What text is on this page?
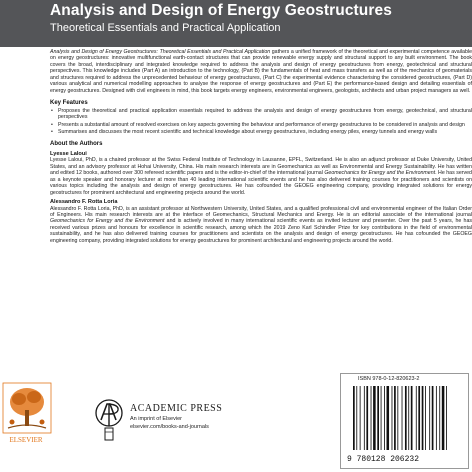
Analysis and Design of Energy Geostructures
Theoretical Essentials and Practical Application

Analysis and Design of Energy Geostructures: Theoretical Essentials and Practical Application gathers a unified framework of the theoretical and experimental competence available on energy geostructures: innovative multifunctional earth-contact structures that can provide renewable energy supply and structural support to any built environment. The book covers the broad, interdisciplinary and integrated knowledge required to address the analysis and design of energy geostructures from energy, geotechnical and structural perspectives. This knowledge includes (Part A) an introduction to the technology, (Part B) the fundamentals of heat and mass transfers as well as of the mechanics of geomaterials and structures required to address the unprecedented behaviour of energy geostructures, (Part C) the experimental evidence characterising the considered geostructures, (Part D) various analytical and numerical modelling approaches to analyse the response of energy geostructures and (Part E) the performance-based design and detailing essentials of energy geostructures. Designed with civil engineers in mind, this book targets energy engineers, environmental engineers, geologists, architects and urban project managers as well.

Key Features
• Proposes the theoretical and practical application essentials required to address the analysis and design of energy geostructures from energy, geotechnical, and structural perspectives
• Presents a substantial amount of resolved exercises on key aspects governing the behaviour and performance of energy geostructures to be considered in analysis and design
• Summarises and discusses the most recent scientific and technical knowledge about energy geostructures, including energy piles, energy tunnels and energy walls
About the Authors
Lyesse Laloui

Lyesse Laloui, PhD, is a chaired professor at the Swiss Federal Institute of Technology in Lausanne, EPFL, Switzerland. He is also an adjunct professor at Duke University, United States, and an advisory professor at Hohai University, China. His main research interests are in Geomechanics as well as Environmental and Energy Sustainability. He has written and edited 12 books, authored over 300 refereed scientific papers and is the editor-in-chief of the international journal Geomechanics for Energy and the Environment. He has served as a keynote speaker and honorary lecturer at more than 40 leading international scientific events and he has also delivered training courses for practitioners and scientists on various topics including the analysis and design of energy geostructures. He has cofounded the GEOEG engineering company, providing integrated solutions for energy geostructures for prominent architectural and engineering projects around the world.

Alessandro F. Rotta Loria

Alessandro F. Rotta Loria, PhD, is an assistant professor at Northwestern University, United States, and a qualified professional civil and environmental engineer of the Italian Order of Engineers. His main research interests are at the interface of Geomechanics, Structural Mechanics and Energy. He is an editorial associate of the international journal Geomechanics for Energy and the Environment and is actively involved in many international scientific events as invited lecturer and presenter. Over the past 5 years, he has received various prizes and honours for excellence in scientific research, among which the 2019 Zeno Karl Schindler Prize for key contributions in the field of environmental sustainability, and he has also delivered training courses for practitioners and scientists on the analysis and design of energy geostructures. He has cofounded the GEOEG engineering company, providing integrated solutions for energy geostructures for prominent architectural and engineering projects around the world.

ELSEVIER
ACADEMIC PRESS
An imprint of Elsevier
elsevier.com/books-and-journals
ISBN 978-0-12-820623-2
9 780128 206232
